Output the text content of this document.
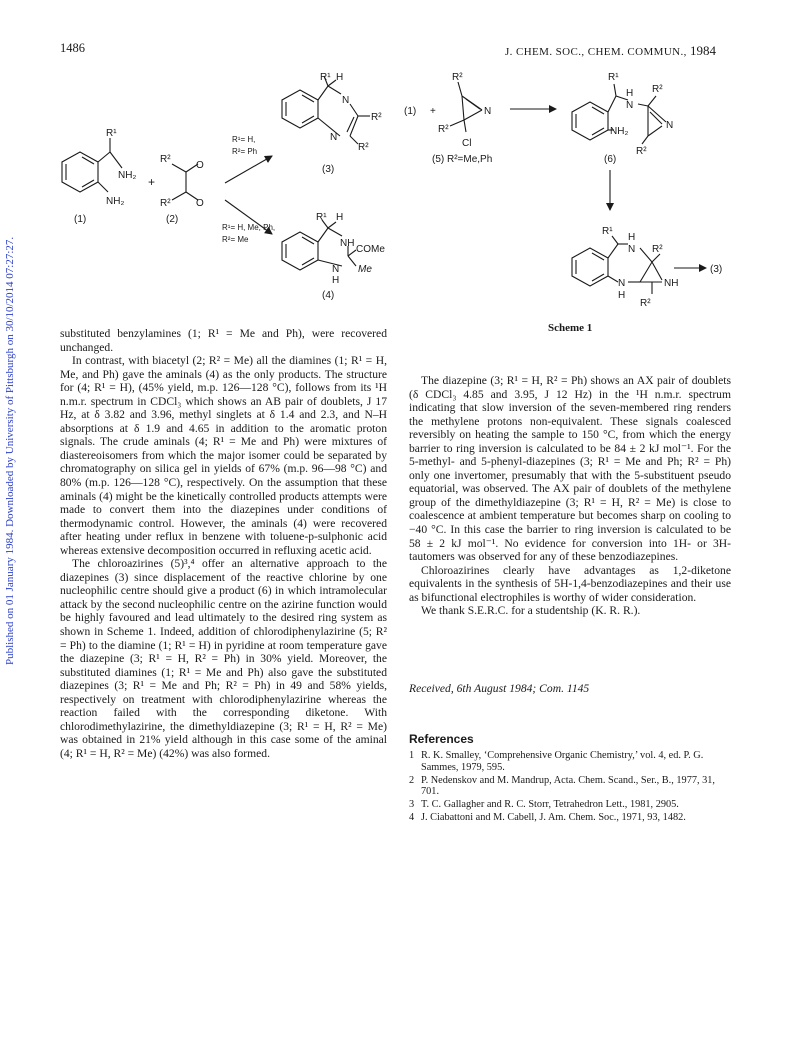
1486	J. CHEM. SOC., CHEM. COMMUN., 1984
Published on 01 January 1984. Downloaded by University of Pittsburgh on 30/10/2014 07:27:27.
R¹
NH₂
NH₂
+
(1)
R²
O
R²	O
(2)
R¹= H,
R²= Ph
R¹= H, Me, Ph,
R²= Me
R¹ H
N
R²
N
R²
(3)
R¹ H
NH
COMe
N Me
H
(4)
(1) +
R²
N
R²
Cl
(5) R²=Me,Ph
R¹
H
N
R²
N
NH₂
R²
(6)
R¹
H
N R²
NH
N
H
R²
(3)
Scheme 1

substituted benzylamines (1; R¹ = Me and Ph), were recovered unchanged.

In contrast, with biacetyl (2; R² = Me) all the diamines (1; R¹ = H, Me, and Ph) gave the aminals (4) as the only products. The structure for (4; R¹ = H), (45% yield, m.p. 126—128 °C), follows from its ¹H n.m.r. spectrum in CDCl₃ which shows an AB pair of doublets, J 17 Hz, at δ 3.82 and 3.96, methyl singlets at δ 1.4 and 2.3, and N–H absorptions at δ 1.9 and 4.65 in addition to the aromatic proton signals. The crude aminals (4; R¹ = Me and Ph) were mixtures of diastereoisomers from which the major isomer could be separated by chromatography on silica gel in yields of 67% (m.p. 96—98 °C) and 80% (m.p. 126—128 °C), respectively. On the assumption that these aminals (4) might be the kinetically controlled products attempts were made to convert them into the diazepines under conditions of thermodynamic control. However, the aminals (4) were recovered after heating under reflux in benzene with toluene-p-sulphonic acid whereas extensive decomposition occurred in refluxing acetic acid.

The chloroazirines (5)³,⁴ offer an alternative approach to the diazepines (3) since displacement of the reactive chlorine by one nucleophilic centre should give a product (6) in which intramolecular attack by the second nucleophilic centre on the azirine function would be highly favoured and lead ultimately to the desired ring system as shown in Scheme 1. Indeed, addition of chlorodiphenylazirine (5; R² = Ph) to the diamine (1; R¹ = H) in pyridine at room temperature gave the diazepine (3; R¹ = H, R² = Ph) in 30% yield. Moreover, the substituted diamines (1; R¹ = Me and Ph) also gave the substituted diazepines (3; R¹ = Me and Ph; R² = Ph) in 49 and 58% yields, respectively on treatment with chlorodiphenylazirine whereas the reaction failed with the corresponding diketone. With chlorodimethylazirine, the dimethyldiazepine (3; R¹ = H, R² = Me) was obtained in 21% yield although in this case some of the aminal (4; R¹ = H, R² = Me) (42%) was also formed.

The diazepine (3; R¹ = H, R² = Ph) shows an AX pair of doublets (δ CDCl₃ 4.85 and 3.95, J 12 Hz) in the ¹H n.m.r. spectrum indicating that slow inversion of the seven-membered ring renders the methylene protons non-equivalent. These signals coalesced reversibly on heating the sample to 150 °C, from which the energy barrier to ring inversion is calculated to be 84 ± 2 kJ mol⁻¹. For the 5-methyl- and 5-phenyl-diazepines (3; R¹ = Me and Ph; R² = Ph) only one invertomer, presumably that with the 5-substituent pseudo equatorial, was observed. The AX pair of doublets of the methylene group of the dimethyldiazepine (3; R¹ = H, R² = Me) is close to coalescence at ambient temperature but becomes sharp on cooling to −40 °C. In this case the barrier to ring inversion is calculated to be 58 ± 2 kJ mol⁻¹. No evidence for conversion into 1H- or 3H-tautomers was observed for any of these benzodiazepines.

Chloroazirines clearly have advantages as 1,2-diketone equivalents in the synthesis of 5H-1,4-benzodiazepines and their use as bifunctional electrophiles is worthy of wider consideration.

We thank S.E.R.C. for a studentship (K. R. R.).

Received, 6th August 1984; Com. 1145
References
1 R. K. Smalley, ‘Comprehensive Organic Chemistry,’ vol. 4, ed. P. G. Sammes, 1979, 595.
2 P. Nedenskov and M. Mandrup, Acta. Chem. Scand., Ser., B., 1977, 31, 701.
3 T. C. Gallagher and R. C. Storr, Tetrahedron Lett., 1981, 2905.
4 J. Ciabattoni and M. Cabell, J. Am. Chem. Soc., 1971, 93, 1482.
